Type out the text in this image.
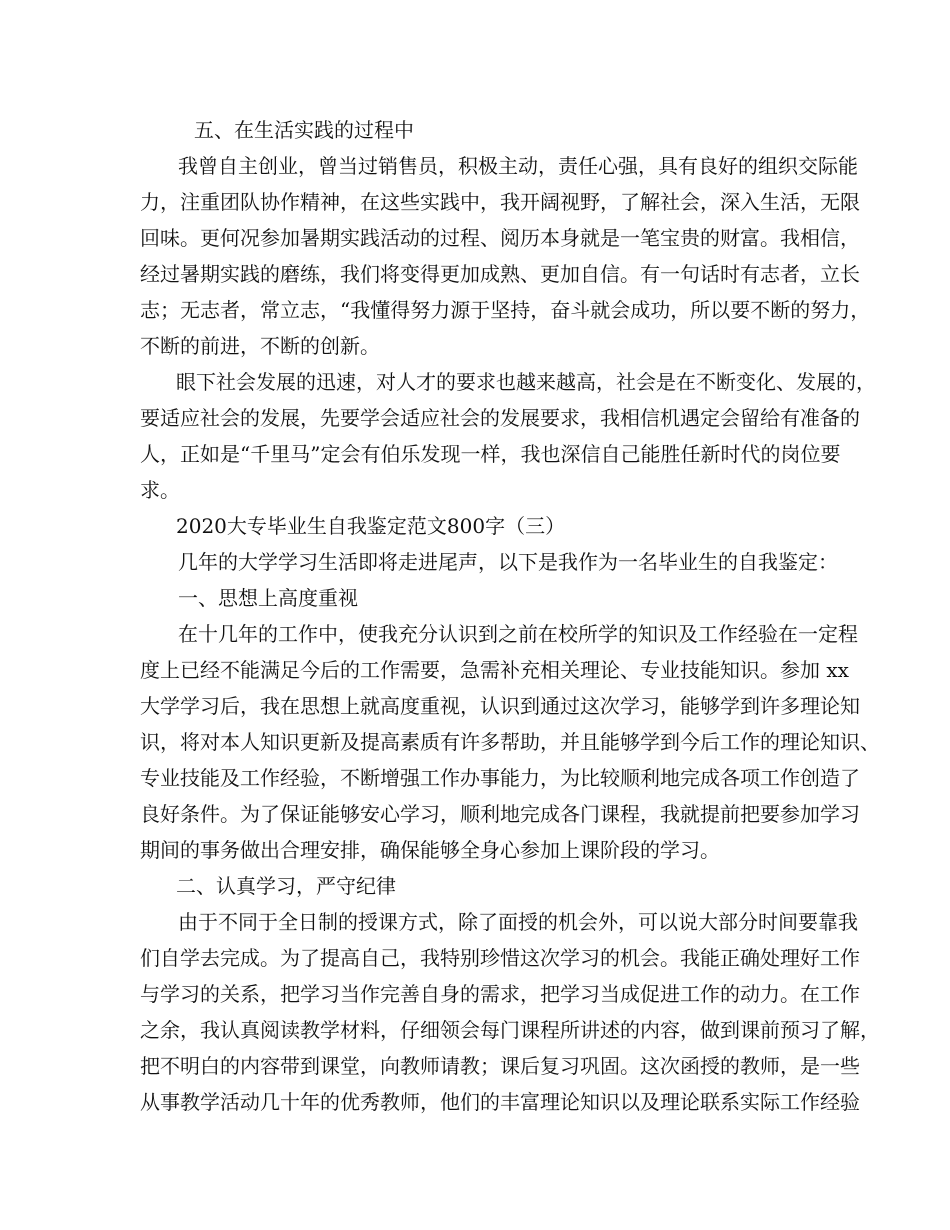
五、在生活实践的过程中
我曾自主创业，曾当过销售员，积极主动，责任心强，具有良好的组织交际能
力，注重团队协作精神，在这些实践中，我开阔视野，了解社会，深入生活，无限
回味。更何况参加暑期实践活动的过程、阅历本身就是一笔宝贵的财富。我相信，
经过暑期实践的磨练，我们将变得更加成熟、更加自信。有一句话时有志者，立长
志；无志者，常立志，“我懂得努力源于坚持，奋斗就会成功，所以要不断的努力，
不断的前进，不断的创新。
眼下社会发展的迅速，对人才的要求也越来越高，社会是在不断变化、发展的，
要适应社会的发展，先要学会适应社会的发展要求，我相信机遇定会留给有准备的
人，正如是“千里马”定会有伯乐发现一样，我也深信自己能胜任新时代的岗位要
求。
2020大专毕业生自我鉴定范文800字（三）
几年的大学学习生活即将走进尾声，以下是我作为一名毕业生的自我鉴定：
一、思想上高度重视
在十几年的工作中，使我充分认识到之前在校所学的知识及工作经验在一定程
度上已经不能满足今后的工作需要，急需补充相关理论、专业技能知识。参加 xx
大学学习后，我在思想上就高度重视，认识到通过这次学习，能够学到许多理论知
识，将对本人知识更新及提高素质有许多帮助，并且能够学到今后工作的理论知识、
专业技能及工作经验，不断增强工作办事能力，为比较顺利地完成各项工作创造了
良好条件。为了保证能够安心学习，顺利地完成各门课程，我就提前把要参加学习
期间的事务做出合理安排，确保能够全身心参加上课阶段的学习。
二、认真学习，严守纪律
由于不同于全日制的授课方式，除了面授的机会外，可以说大部分时间要靠我
们自学去完成。为了提高自己，我特别珍惜这次学习的机会。我能正确处理好工作
与学习的关系，把学习当作完善自身的需求，把学习当成促进工作的动力。在工作
之余，我认真阅读教学材料，仔细领会每门课程所讲述的内容，做到课前预习了解，
把不明白的内容带到课堂，向教师请教；课后复习巩固。这次函授的教师，是一些
从事教学活动几十年的优秀教师，他们的丰富理论知识以及理论联系实际工作经验
